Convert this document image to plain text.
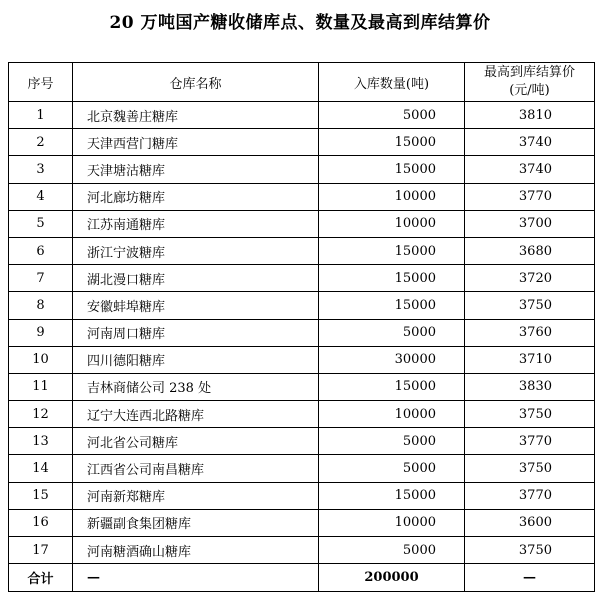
20 万吨国产糖收储库点、数量及最高到库结算价
序号	仓库名称	入库数量(吨)	最高到库结算价
(元/吨)

1	北京魏善庄糖库	5000	3810
2	天津西营门糖库	15000	3740
3	天津塘沽糖库	15000	3740
4	河北廊坊糖库	10000	3770
5	江苏南通糖库	10000	3700
6	浙江宁波糖库	15000	3680
7	湖北漫口糖库	15000	3720
8	安徽蚌埠糖库	15000	3750
9	河南周口糖库	5000	3760
10	四川德阳糖库	30000	3710
11	吉林商储公司 238 处	15000	3830
12	辽宁大连西北路糖库	10000	3750
13	河北省公司糖库	5000	3770
14	江西省公司南昌糖库	5000	3750
15	河南新郑糖库	15000	3770
16	新疆副食集团糖库	10000	3600
17	河南糖酒确山糖库	5000	3750
合计	—	200000	—
